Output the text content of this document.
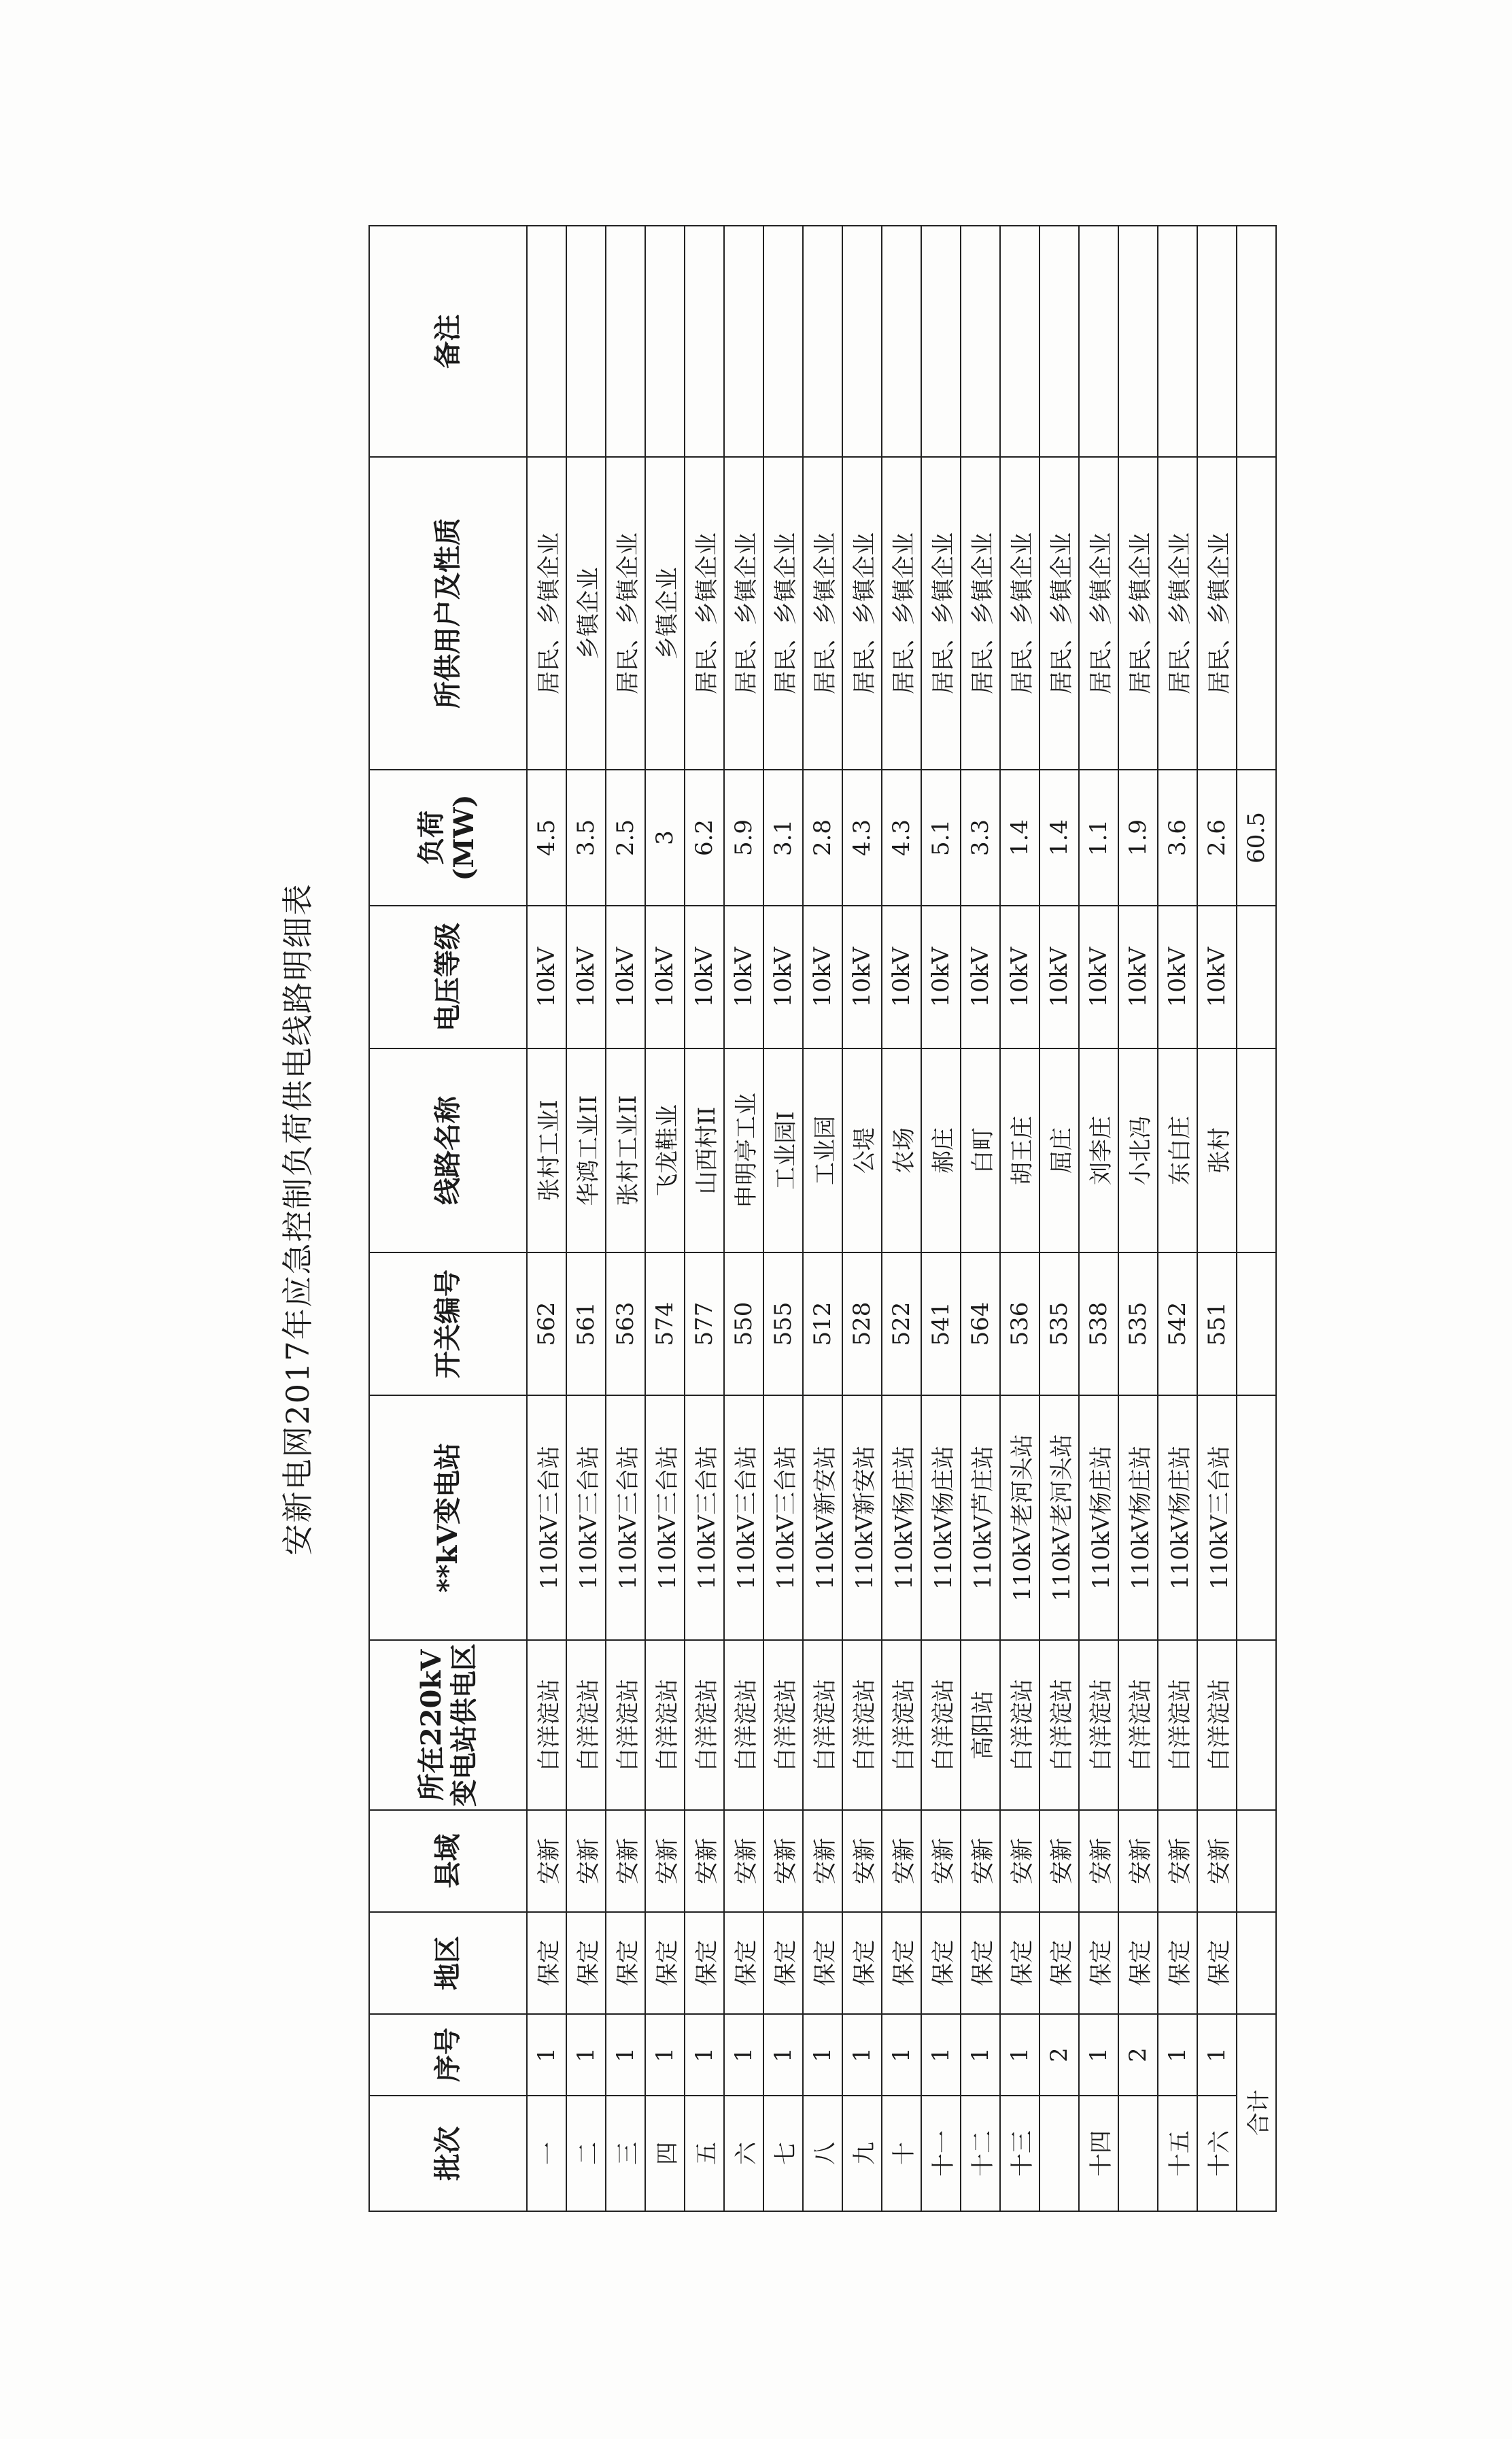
安新电网2017年应急控制负荷供电线路明细表
批次	序号	地区	县域	所在220kV变电站供电区	**kV变电站	开关编号	线路名称	电压等级	负荷(MW)	所供用户及性质	备注
一	1	保定	安新	白洋淀站	110kV三台站	562	张村工业I	10kV	4.5	居民、乡镇企业	
二	1	保定	安新	白洋淀站	110kV三台站	561	华鸿工业II	10kV	3.5	乡镇企业	
三	1	保定	安新	白洋淀站	110kV三台站	563	张村工业II	10kV	2.5	居民、乡镇企业	
四	1	保定	安新	白洋淀站	110kV三台站	574	飞龙鞋业	10kV	3	乡镇企业	
五	1	保定	安新	白洋淀站	110kV三台站	577	山西村II	10kV	6.2	居民、乡镇企业	
六	1	保定	安新	白洋淀站	110kV三台站	550	申明亭工业	10kV	5.9	居民、乡镇企业	
七	1	保定	安新	白洋淀站	110kV三台站	555	工业园I	10kV	3.1	居民、乡镇企业	
八	1	保定	安新	白洋淀站	110kV新安站	512	工业园	10kV	2.8	居民、乡镇企业	
九	1	保定	安新	白洋淀站	110kV新安站	528	公堤	10kV	4.3	居民、乡镇企业	
十	1	保定	安新	白洋淀站	110kV杨庄站	522	农场	10kV	4.3	居民、乡镇企业	
十一	1	保定	安新	白洋淀站	110kV杨庄站	541	郝庄	10kV	5.1	居民、乡镇企业	
十二	1	保定	安新	高阳站	110kV芦庄站	564	白町	10kV	3.3	居民、乡镇企业	
十三	1	保定	安新	白洋淀站	110kV老河头站	536	胡王庄	10kV	1.4	居民、乡镇企业	
	2	保定	安新	白洋淀站	110kV老河头站	535	屈庄	10kV	1.4	居民、乡镇企业	
十四	1	保定	安新	白洋淀站	110kV杨庄站	538	刘李庄	10kV	1.1	居民、乡镇企业	
	2	保定	安新	白洋淀站	110kV杨庄站	535	小北冯	10kV	1.9	居民、乡镇企业	
十五	1	保定	安新	白洋淀站	110kV杨庄站	542	东白庄	10kV	3.6	居民、乡镇企业	
十六	1	保定	安新	白洋淀站	110kV三台站	551	张村	10kV	2.6	居民、乡镇企业	
合计									60.5		
